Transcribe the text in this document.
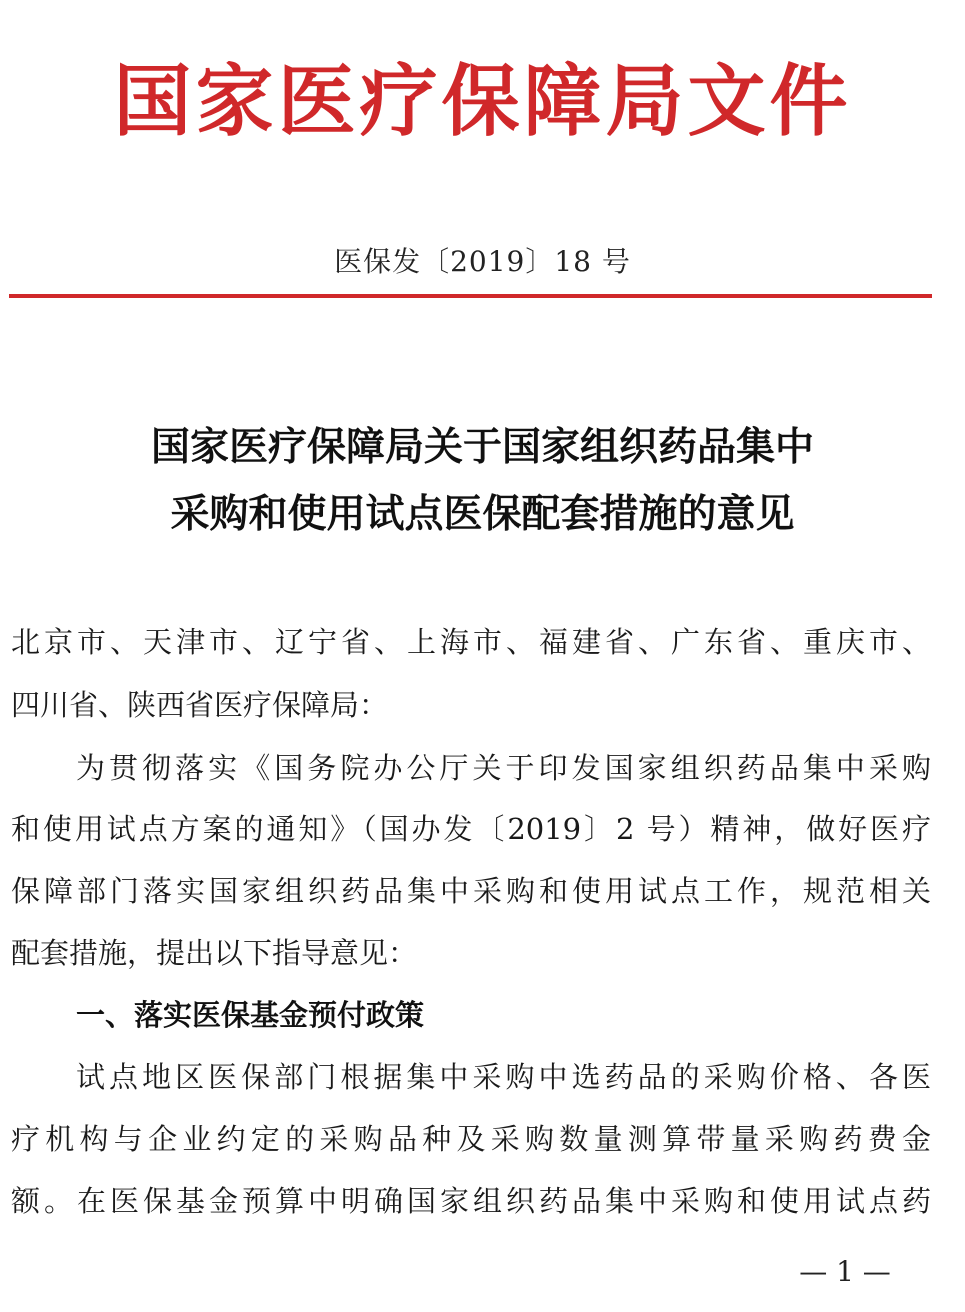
国家医疗保障局文件
医保发〔2019〕18 号
国家医疗保障局关于国家组织药品集中
采购和使用试点医保配套措施的意见
北京市、天津市、辽宁省、上海市、福建省、广东省、重庆市、
四川省、陕西省医疗保障局：
为贯彻落实《国务院办公厅关于印发国家组织药品集中采购
和使用试点方案的通知》（国办发〔2019〕2 号）精神，做好医疗
保障部门落实国家组织药品集中采购和使用试点工作，规范相关
配套措施，提出以下指导意见：
一、落实医保基金预付政策
试点地区医保部门根据集中采购中选药品的采购价格、各医
疗机构与企业约定的采购品种及采购数量测算带量采购药费金
额。在医保基金预算中明确国家组织药品集中采购和使用试点药
— 1 —
